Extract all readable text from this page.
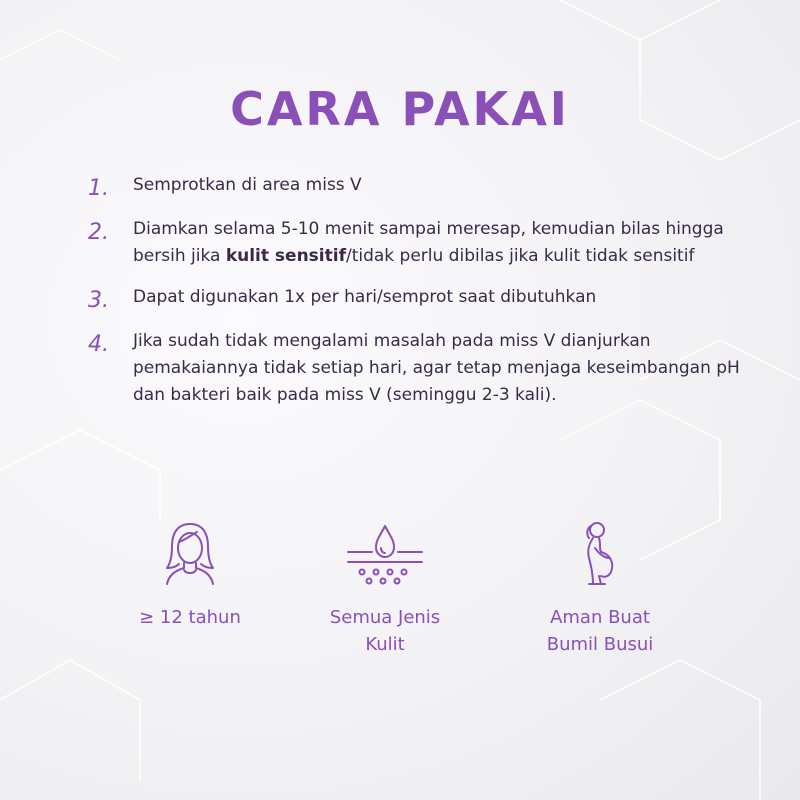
CARA PAKAI
1.	Semprotkan di area miss V
2.	Diamkan selama 5-10 menit sampai meresap, kemudian bilas hingga bersih jika kulit sensitif/tidak perlu dibilas jika kulit tidak sensitif
3.	Dapat digunakan 1x per hari/semprot saat dibutuhkan
4.	Jika sudah tidak mengalami masalah pada miss V dianjurkan pemakaiannya tidak setiap hari, agar tetap menjaga keseimbangan pH dan bakteri baik pada miss V (seminggu 2-3 kali).
≥ 12 tahun	Semua Jenis
Kulit
Aman Buat
Bumil Busui
